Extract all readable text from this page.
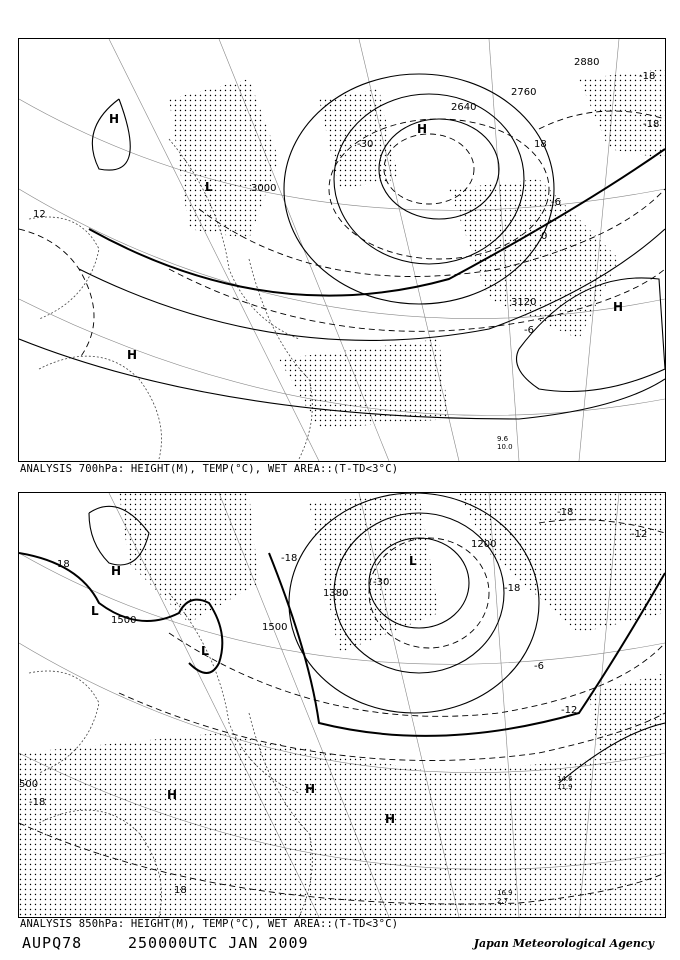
3000
2640
2760
2880
3120
12
-30
-18
-18
18
-6
0
-6
H
L
H
H
H
9.6
10.0
ANALYSIS 700hPa: HEIGHT(M), TEMP(°C), WET AREA::(T-TD<3°C)
1500
1500
1380
1200
500
18
-18
-30
-18
-12
-18
-6
-12
18
-18
H
L
L
L
H	H
H
16.9
2.7
14.6
11.9
ANALYSIS 850hPa: HEIGHT(M), TEMP(°C), WET AREA::(T-TD<3°C)
AUPQ78	250000UTC JAN 2009	Japan Meteorological Agency
